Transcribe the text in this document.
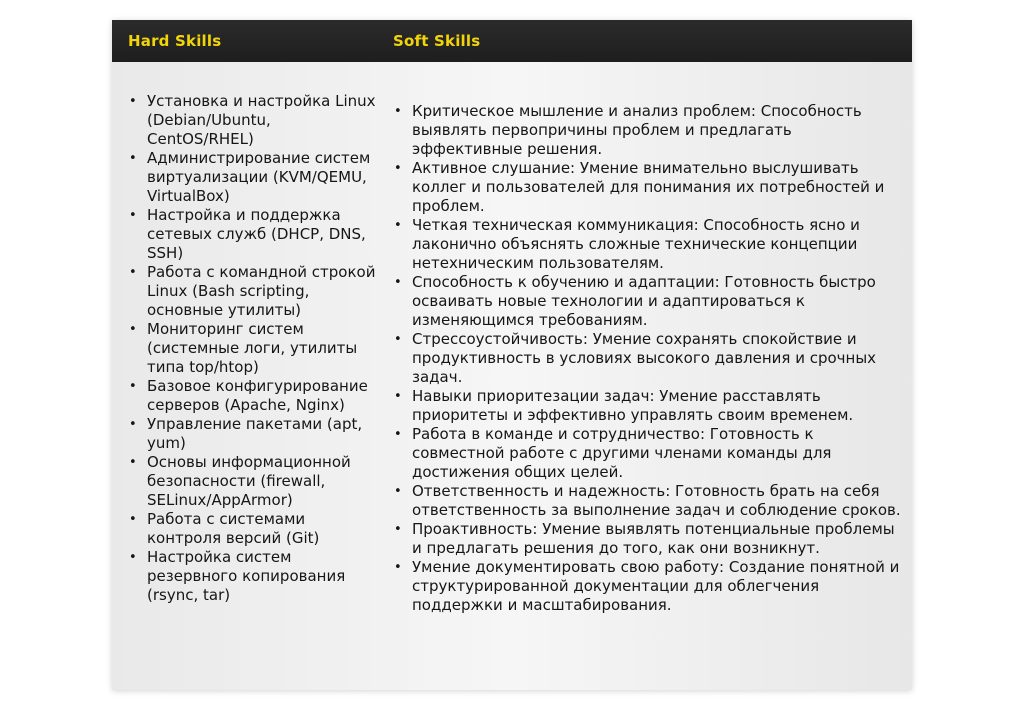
Hard Skills	Soft Skills
• Установка и настройка Linux (Debian/Ubuntu, CentOS/RHEL)
• Администрирование систем виртуализации (KVM/QEMU, VirtualBox)
• Настройка и поддержка сетевых служб (DHCP, DNS, SSH)
• Работа с командной строкой Linux (Bash scripting, основные утилиты)
• Мониторинг систем (системные логи, утилиты типа top/htop)
• Базовое конфигурирование серверов (Apache, Nginx)
• Управление пакетами (apt, yum)
• Основы информационной безопасности (firewall, SELinux/AppArmor)
• Работа с системами контроля версий (Git)
• Настройка систем резервного копирования (rsync, tar)
• Критическое мышление и анализ проблем: Способность выявлять первопричины проблем и предлагать эффективные решения.
• Активное слушание: Умение внимательно выслушивать коллег и пользователей для понимания их потребностей и проблем.
• Четкая техническая коммуникация: Способность ясно и лаконично объяснять сложные технические концепции нетехническим пользователям.
• Способность к обучению и адаптации: Готовность быстро осваивать новые технологии и адаптироваться к изменяющимся требованиям.
• Стрессоустойчивость: Умение сохранять спокойствие и продуктивность в условиях высокого давления и срочных задач.
• Навыки приоритезации задач: Умение расставлять приоритеты и эффективно управлять своим временем.
• Работа в команде и сотрудничество: Готовность к совместной работе с другими членами команды для достижения общих целей.
• Ответственность и надежность: Готовность брать на себя ответственность за выполнение задач и соблюдение сроков.
• Проактивность: Умение выявлять потенциальные проблемы и предлагать решения до того, как они возникнут.
• Умение документировать свою работу: Создание понятной и структурированной документации для облегчения поддержки и масштабирования.
